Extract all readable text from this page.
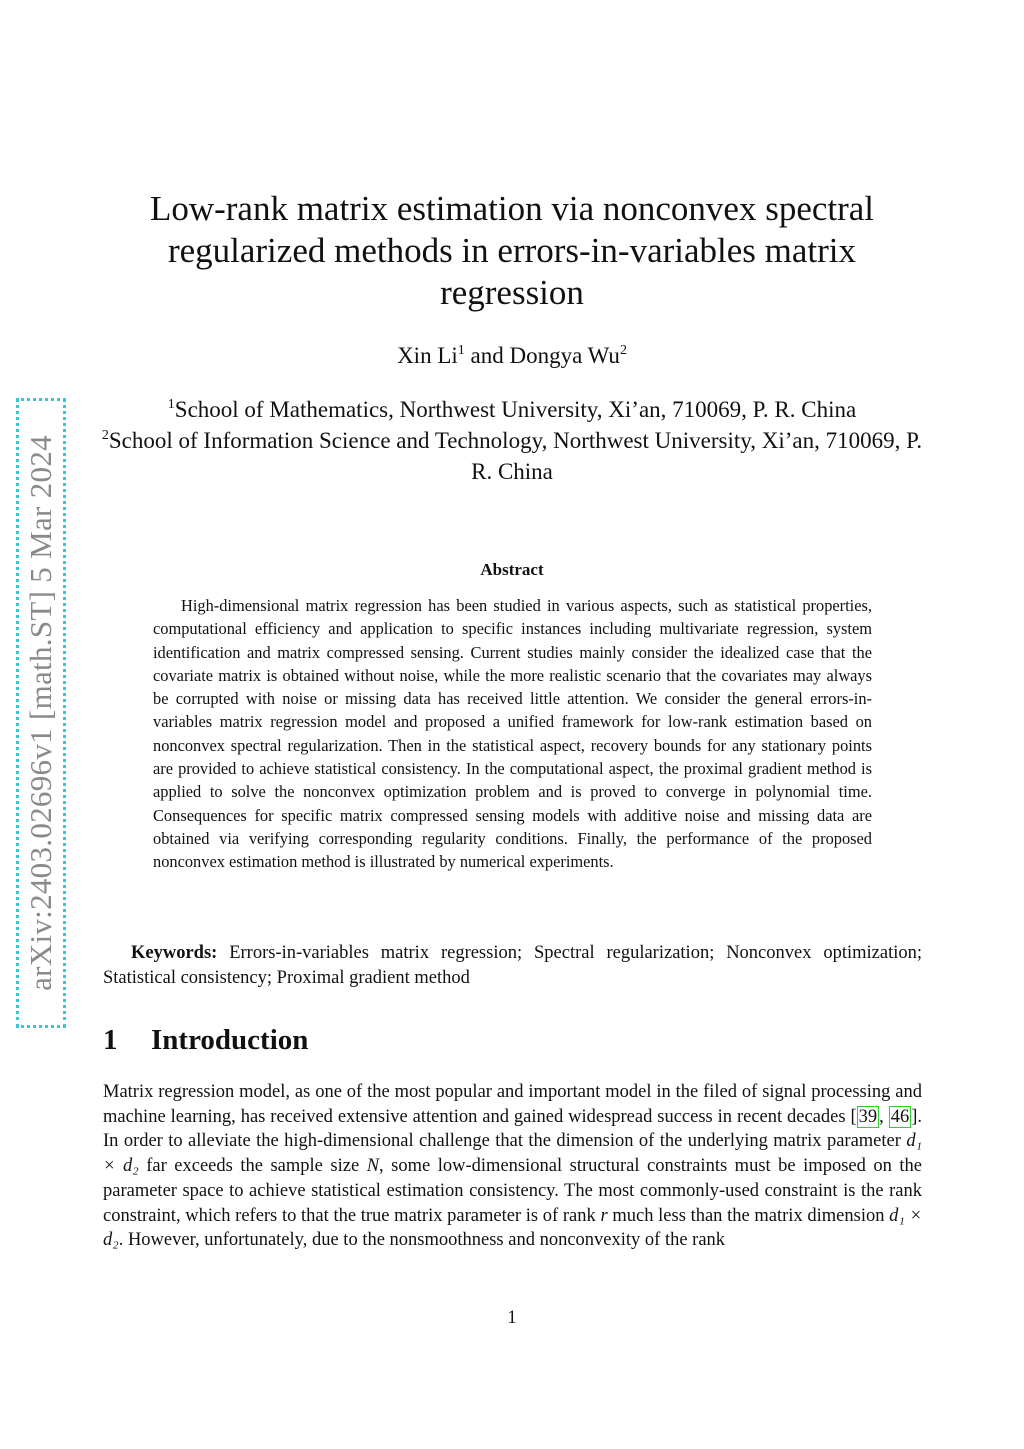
arXiv:2403.02696v1 [math.ST] 5 Mar 2024
Low-rank matrix estimation via nonconvex spectral regularized methods in errors-in-variables matrix regression
Xin Li$^1$ and Dongya Wu$^2$
$^1$School of Mathematics, Northwest University, Xi’an, 710069, P. R. China
$^2$School of Information Science and Technology, Northwest University, Xi’an, 710069, P. R. China
Abstract
High-dimensional matrix regression has been studied in various aspects, such as statistical properties, computational efficiency and application to specific instances including multivariate regression, system identification and matrix compressed sensing. Current studies mainly consider the idealized case that the covariate matrix is obtained without noise, while the more realistic scenario that the covariates may always be corrupted with noise or missing data has received little attention. We consider the general errors-in-variables matrix regression model and proposed a unified framework for low-rank estimation based on nonconvex spectral regularization. Then in the statistical aspect, recovery bounds for any stationary points are provided to achieve statistical consistency. In the computational aspect, the proximal gradient method is applied to solve the nonconvex optimization problem and is proved to converge in polynomial time. Consequences for specific matrix compressed sensing models with additive noise and missing data are obtained via verifying corresponding regularity conditions. Finally, the performance of the proposed nonconvex estimation method is illustrated by numerical experiments.
Keywords: Errors-in-variables matrix regression; Spectral regularization; Nonconvex optimization; Statistical consistency; Proximal gradient method
1 Introduction
Matrix regression model, as one of the most popular and important model in the filed of signal processing and machine learning, has received extensive attention and gained widespread success in recent decades [ 39 , 46 ]. In order to alleviate the high-dimensional challenge that the dimension of the underlying matrix parameter d₁ × d₂ far exceeds the sample size N, some low-dimensional structural constraints must be imposed on the parameter space to achieve statistical estimation consistency. The most commonly-used constraint is the rank constraint, which refers to that the true matrix parameter is of rank r much less than the matrix dimension d₁ × d₂. However, unfortunately, due to the nonsmoothness and nonconvexity of the rank
1
